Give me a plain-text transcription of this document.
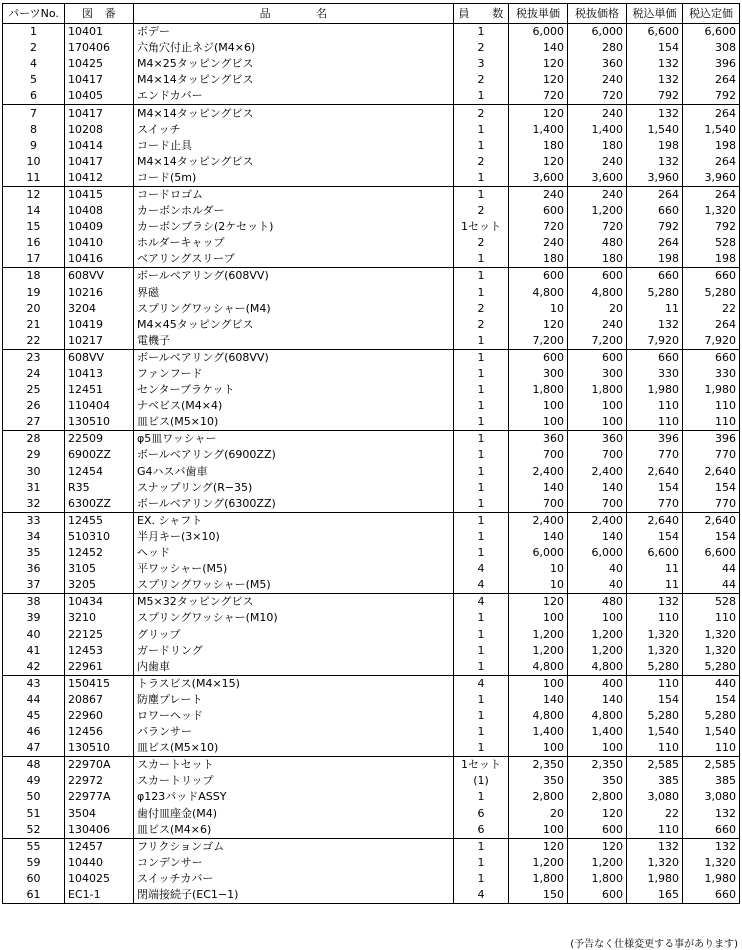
パーツNo.	図　番	品　　　　名	員　　数	税抜単価	税抜価格	税込単価	税込定価
1	10401	ボデー	1	6,000	6,000	6,600	6,600
2	170406	六角穴付止ネジ(M4×6)	2	140	280	154	308
4	10425	M4×25タッピングビス	3	120	360	132	396
5	10417	M4×14タッピングビス	2	120	240	132	264
6	10405	エンドカバー	1	720	720	792	792
7	10417	M4×14タッピングビス	2	120	240	132	264
8	10208	スイッチ	1	1,400	1,400	1,540	1,540
9	10414	コード止具	1	180	180	198	198
10	10417	M4×14タッピングビス	2	120	240	132	264
11	10412	コード(5m)	1	3,600	3,600	3,960	3,960
12	10415	コードロゴム	1	240	240	264	264
14	10408	カーボンホルダー	2	600	1,200	660	1,320
15	10409	カーボンブラシ(2ケセット)	1セット	720	720	792	792
16	10410	ホルダーキャップ	2	240	480	264	528
17	10416	ベアリングスリーブ	1	180	180	198	198
18	608VV	ボールベアリング(608VV)	1	600	600	660	660
19	10216	界磁	1	4,800	4,800	5,280	5,280
20	3204	スプリングワッシャー(M4)	2	10	20	11	22
21	10419	M4×45タッピングビス	2	120	240	132	264
22	10217	電機子	1	7,200	7,200	7,920	7,920
23	608VV	ボールベアリング(608VV)	1	600	600	660	660
24	10413	ファンフード	1	300	300	330	330
25	12451	センターブラケット	1	1,800	1,800	1,980	1,980
26	110404	ナベビス(M4×4)	1	100	100	110	110
27	130510	皿ビス(M5×10)	1	100	100	110	110
28	22509	φ5皿ワッシャー	1	360	360	396	396
29	6900ZZ	ボールベアリング(6900ZZ)	1	700	700	770	770
30	12454	G4ハスバ歯車	1	2,400	2,400	2,640	2,640
31	R35	スナップリング(R−35)	1	140	140	154	154
32	6300ZZ	ボールベアリング(6300ZZ)	1	700	700	770	770
33	12455	EX. シャフト	1	2,400	2,400	2,640	2,640
34	510310	半月キー(3×10)	1	140	140	154	154
35	12452	ヘッド	1	6,000	6,000	6,600	6,600
36	3105	平ワッシャー(M5)	4	10	40	11	44
37	3205	スプリングワッシャー(M5)	4	10	40	11	44
38	10434	M5×32タッピングビス	4	120	480	132	528
39	3210	スプリングワッシャー(M10)	1	100	100	110	110
40	22125	グリップ	1	1,200	1,200	1,320	1,320
41	12453	ガードリング	1	1,200	1,200	1,320	1,320
42	22961	内歯車	1	4,800	4,800	5,280	5,280
43	150415	トラスビス(M4×15)	4	100	400	110	440
44	20867	防塵プレート	1	140	140	154	154
45	22960	ロワーヘッド	1	4,800	4,800	5,280	5,280
46	12456	バランサー	1	1,400	1,400	1,540	1,540
47	130510	皿ビス(M5×10)	1	100	100	110	110
48	22970A	スカートセット	1セット	2,350	2,350	2,585	2,585
49	22972	スカートリップ	(1)	350	350	385	385
50	22977A	φ123パッドASSY	1	2,800	2,800	3,080	3,080
51	3504	歯付皿座金(M4)	6	20	120	22	132
52	130406	皿ビス(M4×6)	6	100	600	110	660
55	12457	フリクションゴム	1	120	120	132	132
59	10440	コンデンサー	1	1,200	1,200	1,320	1,320
60	104025	スイッチカバー	1	1,800	1,800	1,980	1,980
61	EC1-1	閉端接続子(EC1−1)	4	150	600	165	660
(予告なく仕様変更する事があります)
